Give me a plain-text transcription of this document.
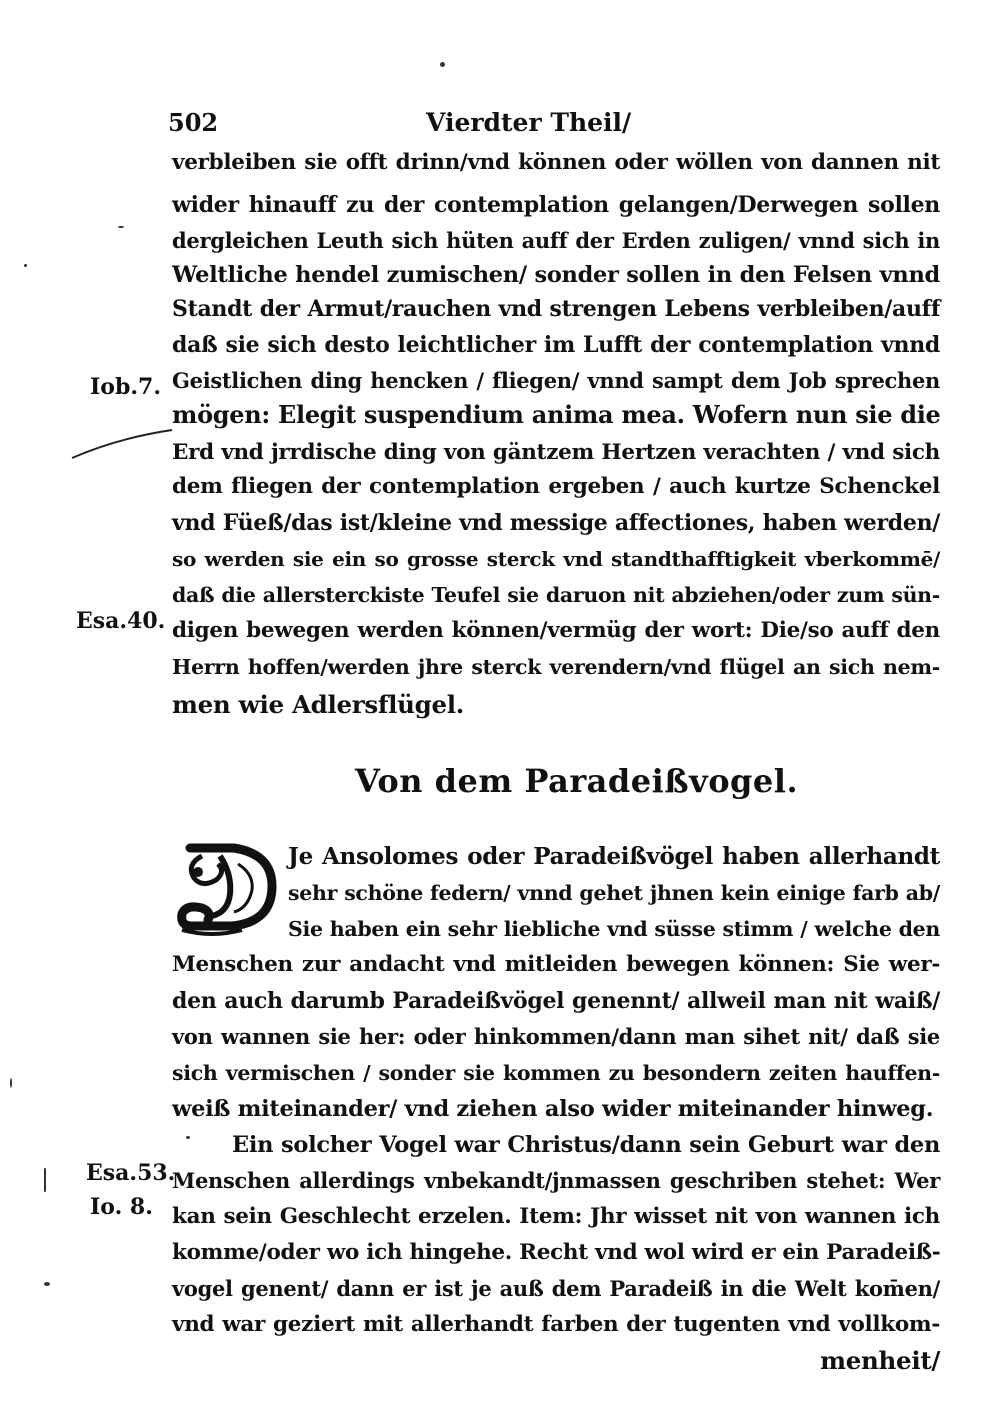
502	Vierdter Theil/
verbleiben sie offt drinn/vnd können oder wöllen von dannen nit
wider hinauff zu der contemplation gelangen/Derwegen sollen
dergleichen Leuth sich hüten auff der Erden zuligen/ vnnd sich in
Weltliche hendel zumischen/ sonder sollen in den Felsen vnnd
Standt der Armut/rauchen vnd strengen Lebens verbleiben/auff
daß sie sich desto leichtlicher im Lufft der contemplation vnnd
Geistlichen ding hencken / fliegen/ vnnd sampt dem Job sprechen
mögen: Elegit suspendium anima mea. Wofern nun sie die
Erd vnd jrrdische ding von gäntzem Hertzen verachten / vnd sich
dem fliegen der contemplation ergeben / auch kurtze Schenckel
vnd Füeß/das ist/kleine vnd messige affectiones, haben werden/
so werden sie ein so grosse sterck vnd standthafftigkeit vberkommē/
daß die allersterckiste Teufel sie daruon nit abziehen/oder zum sün-
digen bewegen werden können/vermüg der wort: Die/so auff den
Herrn hoffen/werden jhre sterck verendern/vnd flügel an sich nem-
men wie Adlersflügel.
Iob.7.
Esa.40.
Esa.53.
Io. 8.
Von dem Paradeißvogel.
Je Ansolomes oder Paradeißvögel haben allerhandt
sehr schöne federn/ vnnd gehet jhnen kein einige farb ab/
Sie haben ein sehr liebliche vnd süsse stimm / welche den
Menschen zur andacht vnd mitleiden bewegen können: Sie wer-
den auch darumb Paradeißvögel genennt/ allweil man nit waiß/
von wannen sie her: oder hinkommen/dann man sihet nit/ daß sie
sich vermischen / sonder sie kommen zu besondern zeiten hauffen-
weiß miteinander/ vnd ziehen also wider miteinander hinweg.
Ein solcher Vogel war Christus/dann sein Geburt war den
Menschen allerdings vnbekandt/jnmassen geschriben stehet: Wer
kan sein Geschlecht erzelen. Item: Jhr wisset nit von wannen ich
komme/oder wo ich hingehe. Recht vnd wol wird er ein Paradeiß-
vogel genent/ dann er ist je auß dem Paradeiß in die Welt kom̄en/
vnd war geziert mit allerhandt farben der tugenten vnd vollkom-
menheit/
